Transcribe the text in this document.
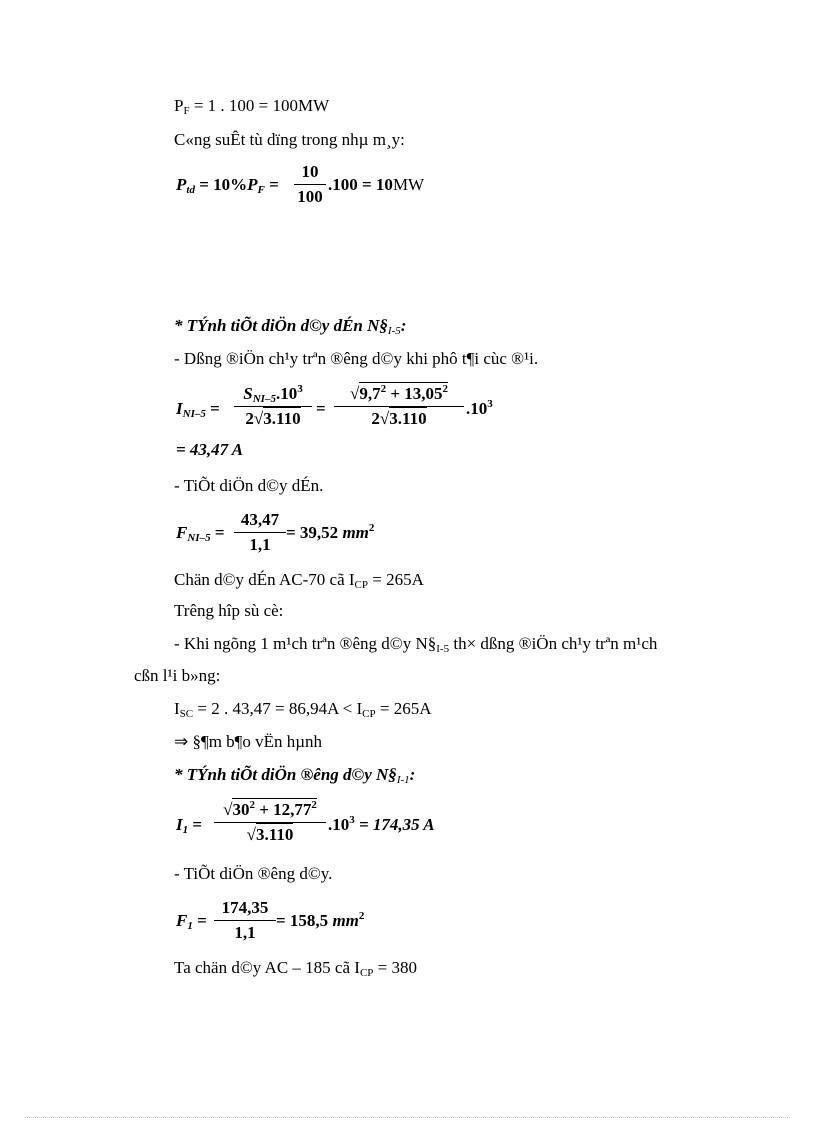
$P_F = 1$ . 100 = 100MW
C«ng suÊt tù dïng trong nhµ m¸y:
$P_{td} = 10\%P_F = \frac{10}{100} .100 = 10MW$
* TÝnh tiÕt diÖn d©y dÉn $N\S_{I-5}$:
- Dßng ®iÖn ch¹y trªn ®êng d©y khi phô t¶i cùc ®¹i.
$I_{NI-5}$ =
$S_{NI-5}.10^3$
2√3.110
= $\frac{√9,7^2 + 13,05^2}{2√3.110} .10^3$
= 43,47 A
- TiÕt diÖn d©y dÉn.
$F_{NI-5} = \frac{43,47}{1,1} = 39,52$ $mm^2$
Chän d©y dÉn AC-70 cã $I_{CP} = 265A$
Trêng hîp sù cè:
- Khi ngõng 1 m¹ch trªn ®êng d©y $N\S_{I-5}$ th× dßng ®iÖn ch¹y trªn m¹ch
cßn l¹i b»ng:
$I_{SC} = 2$ . $43,47 = 86,94A < I_{CP} = 265A$
⇒ §¶m b¶o vËn hµnh
* TÝnh tiÕt diÖn ®êng d©y $N\S_{I-1}$:
$I_1 = \frac{√30^2 + 12,77^2}{√3.110} .10^3 = 174,35$ A
- TiÕt diÖn ®êng d©y.
$F_1 = \frac{174,35}{1,1} = 158,5$ $mm^2$
Ta chän d©y AC – 185 cã $I_{CP} = 380$
